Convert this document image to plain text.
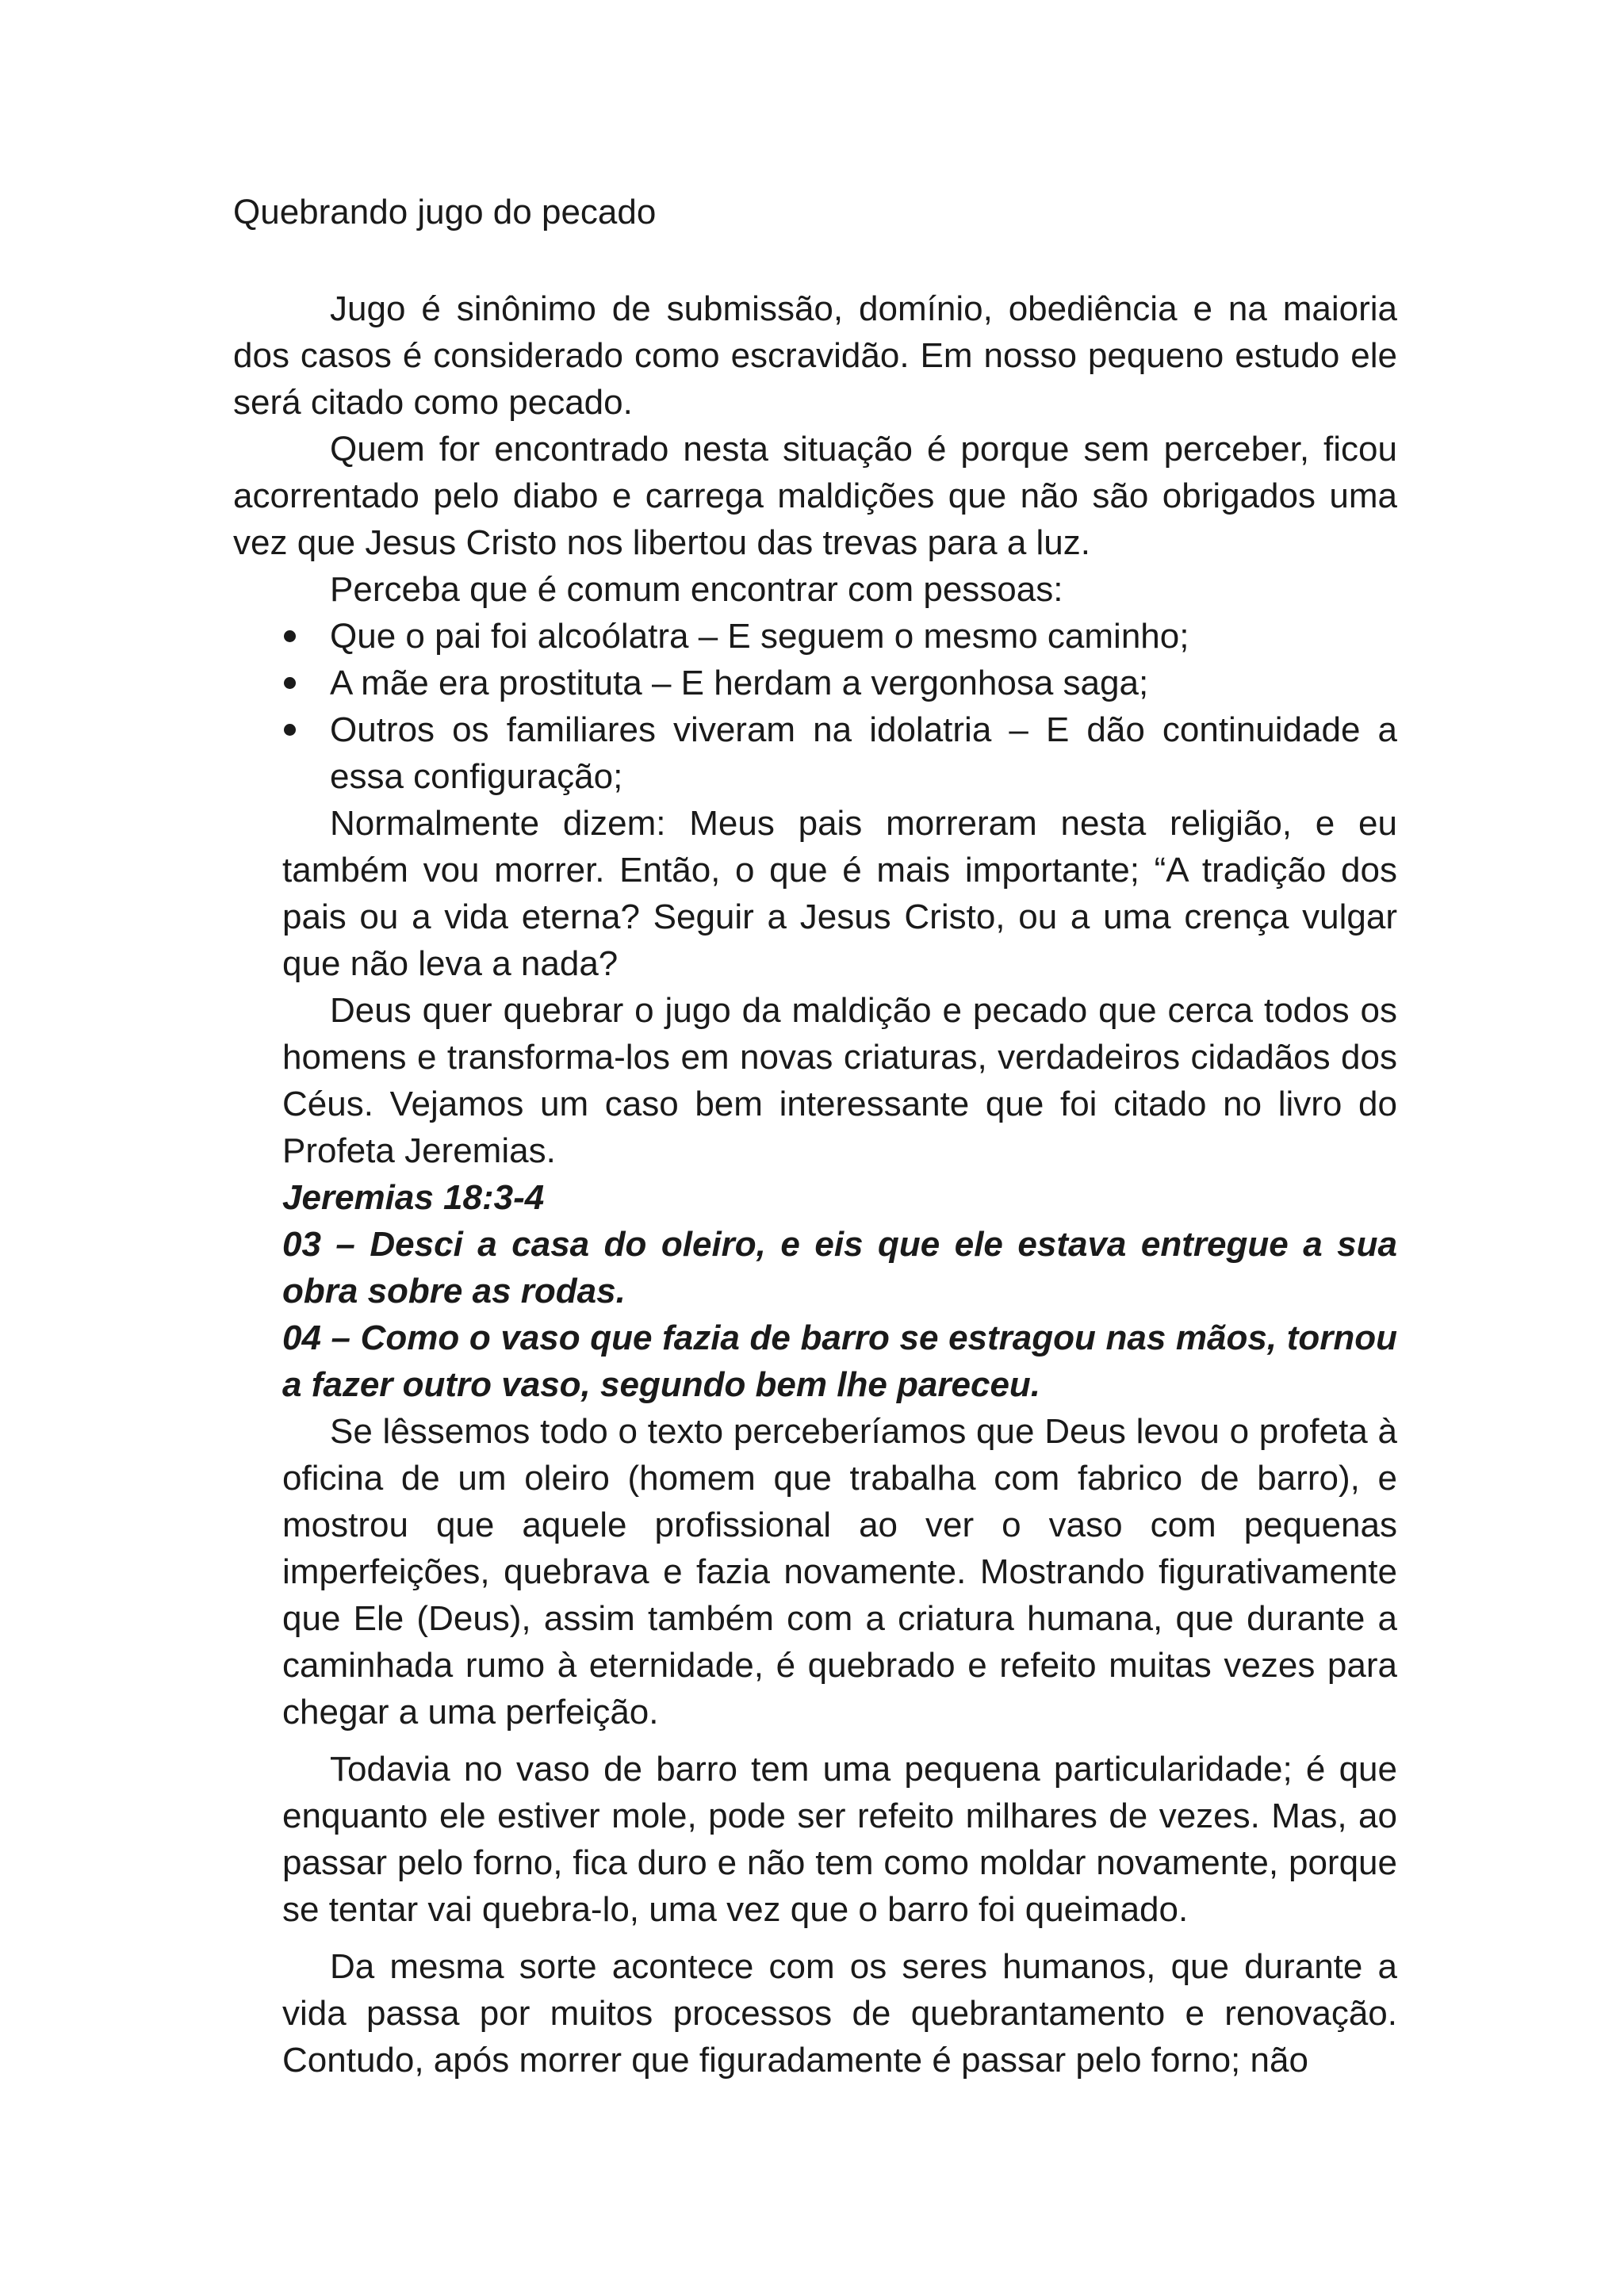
Quebrando jugo do pecado

Jugo é sinônimo de submissão, domínio, obediência e na maioria dos casos é considerado como escravidão. Em nosso pequeno estudo ele será citado como pecado.

Quem for encontrado nesta situação é porque sem perceber, ficou acorrentado pelo diabo e carrega maldições que não são obrigados uma vez que Jesus Cristo nos libertou das trevas para a luz.

Perceba que é comum encontrar com pessoas:

Que o pai foi alcoólatra – E seguem o mesmo caminho;
A mãe era prostituta – E herdam a vergonhosa saga;
Outros os familiares viveram na idolatria – E dão continuidade a essa configuração;

Normalmente dizem: Meus pais morreram nesta religião, e eu também vou morrer. Então, o que é mais importante; “A tradição dos pais ou a vida eterna? Seguir a Jesus Cristo, ou a uma crença vulgar que não leva a nada?

Deus quer quebrar o jugo da maldição e pecado que cerca todos os homens e transforma-los em novas criaturas, verdadeiros cidadãos dos Céus. Vejamos um caso bem interessante que foi citado no livro do Profeta Jeremias.

Jeremias 18:3-4

03 – Desci a casa do oleiro, e eis que ele estava entregue a sua obra sobre as rodas.

04 – Como o vaso que fazia de barro se estragou nas mãos, tornou a fazer outro vaso, segundo bem lhe pareceu.

Se lêssemos todo o texto perceberíamos que Deus levou o profeta à oficina de um oleiro (homem que trabalha com fabrico de barro), e mostrou que aquele profissional ao ver o vaso com pequenas imperfeições, quebrava e fazia novamente. Mostrando figurativamente que Ele (Deus), assim também com a criatura humana, que durante a caminhada rumo à eternidade, é quebrado e refeito muitas vezes para chegar a uma perfeição.

Todavia no vaso de barro tem uma pequena particularidade; é que enquanto ele estiver mole, pode ser refeito milhares de vezes. Mas, ao passar pelo forno, fica duro e não tem como moldar novamente, porque se tentar vai quebra-lo, uma vez que o barro foi queimado.

Da mesma sorte acontece com os seres humanos, que durante a vida passa por muitos processos de quebrantamento e renovação. Contudo, após morrer que figuradamente é passar pelo forno; não
